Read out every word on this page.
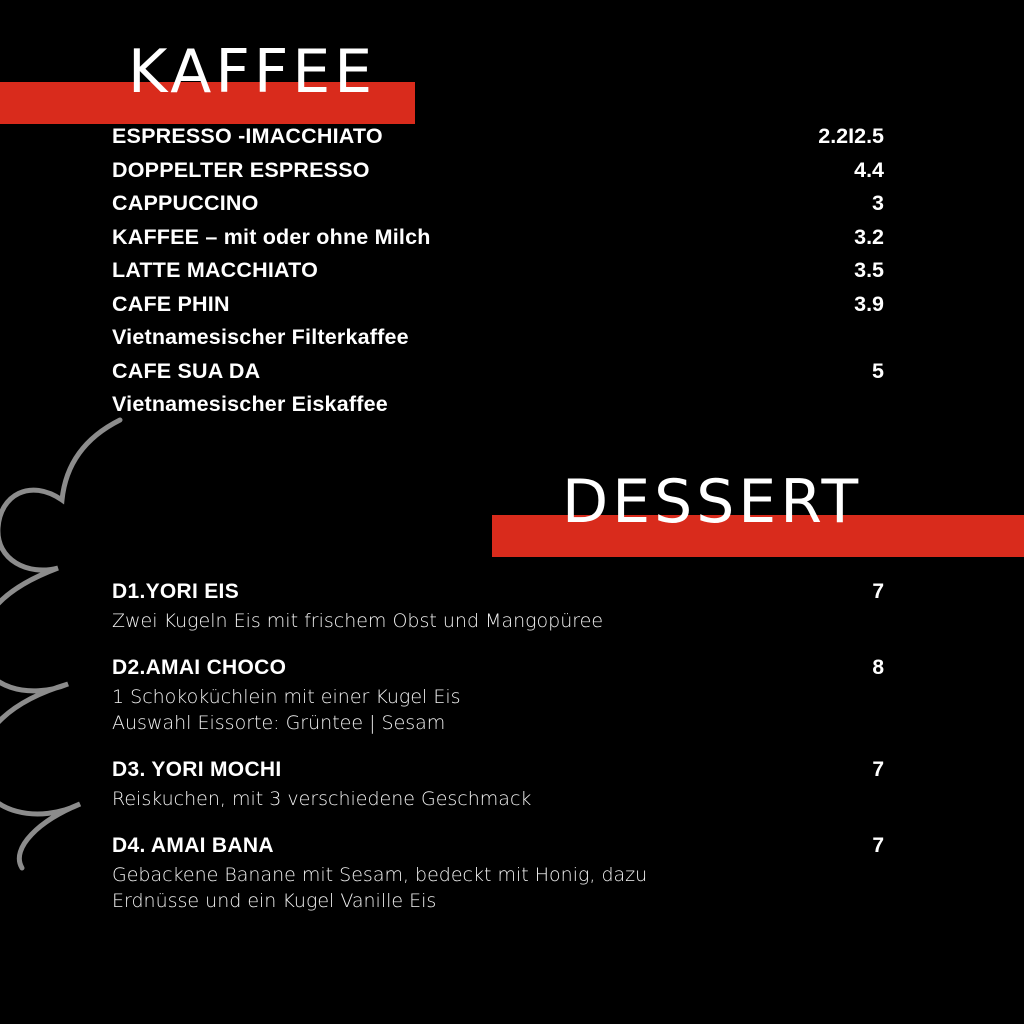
KAFFEE
ESPRESSO -IMACCHIATO	2.2I2.5
DOPPELTER ESPRESSO	4.4
CAPPUCCINO	3
KAFFEE – mit oder ohne Milch	3.2
LATTE MACCHIATO	3.5
CAFE PHIN	3.9
Vietnamesischer Filterkaffee
CAFE SUA DA	5
Vietnamesischer Eiskaffee
DESSERT
D1.YORI EIS	7
Zwei Kugeln Eis mit frischem Obst und Mangopüree
D2.AMAI CHOCO	8
1 Schokoküchlein mit einer Kugel Eis
Auswahl Eissorte: Grüntee | Sesam
D3. YORI MOCHI	7
Reiskuchen, mit 3 verschiedene Geschmack
D4. AMAI BANA	7
Gebackene Banane mit Sesam, bedeckt mit Honig, dazu
Erdnüsse und ein Kugel Vanille Eis
